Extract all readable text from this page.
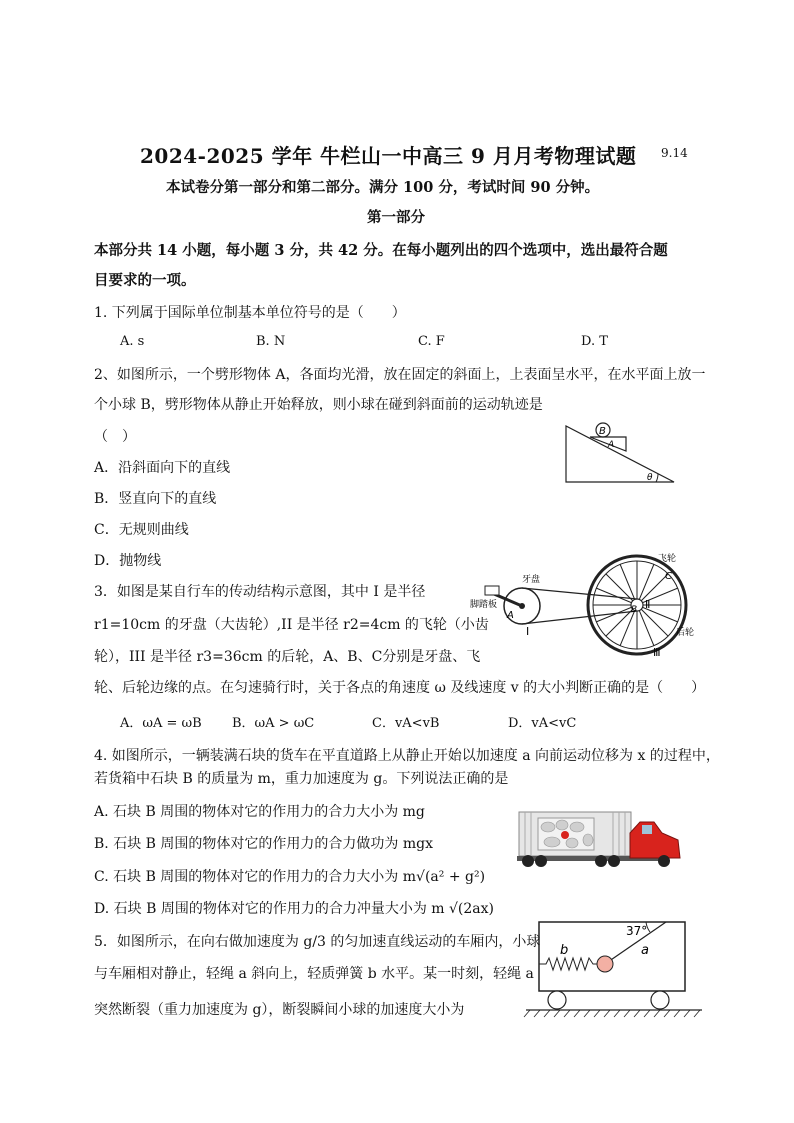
2024-2025 学年 牛栏山一中高三 9 月月考物理试题 9.14
本试卷分第一部分和第二部分。满分 100 分，考试时间 90 分钟。
第一部分
本部分共 14 小题，每小题 3 分，共 42 分。在每小题列出的四个选项中，选出最符合题
目要求的一项。
1. 下列属于国际单位制基本单位符号的是（　　）
A. s	B. N	C. F	D. T
2、如图所示，一个劈形物体 A，各面均光滑，放在固定的斜面上，上表面呈水平，在水平面上放一
个小球 B，劈形物体从静止开始释放，则小球在碰到斜面前的运动轨迹是
（　）
A．沿斜面向下的直线
B．竖直向下的直线
C．无规则曲线
D．抛物线
B
A
θ
3．如图是某自行车的传动结构示意图，其中 I 是半径
r1=10cm 的牙盘（大齿轮）,II 是半径 r2=4cm 的飞轮（小齿
轮），III 是半径 r3=36cm 的后轮，A、B、C分别是牙盘、飞
轮、后轮边缘的点。在匀速骑行时，关于各点的角速度 ω 及线速度 v 的大小判断正确的是（　　）
A．ωA = ωB B．ωA > ωC	C．vA<vB	D．vA<vC
牙盘
脚踏板
A
I
飞轮
C
B Ⅱ
后轮
Ⅲ
4. 如图所示，一辆装满石块的货车在平直道路上从静止开始以加速度 a 向前运动位移为 x 的过程中，
若货箱中石块 B 的质量为 m，重力加速度为 g。下列说法正确的是
A. 石块 B 周围的物体对它的作用力的合力大小为 mg
B. 石块 B 周围的物体对它的作用力的合力做功为 mgx
C. 石块 B 周围的物体对它的作用力的合力大小为 m√(a² + g²)
D. 石块 B 周围的物体对它的作用力的合力冲量大小为 m √(2ax)
5．如图所示，在向右做加速度为 g/3 的匀加速直线运动的车厢内，小球
与车厢相对静止，轻绳 a 斜向上，轻质弹簧 b 水平。某一时刻，轻绳 a
突然断裂（重力加速度为 g），断裂瞬间小球的加速度大小为
37°
a
b
